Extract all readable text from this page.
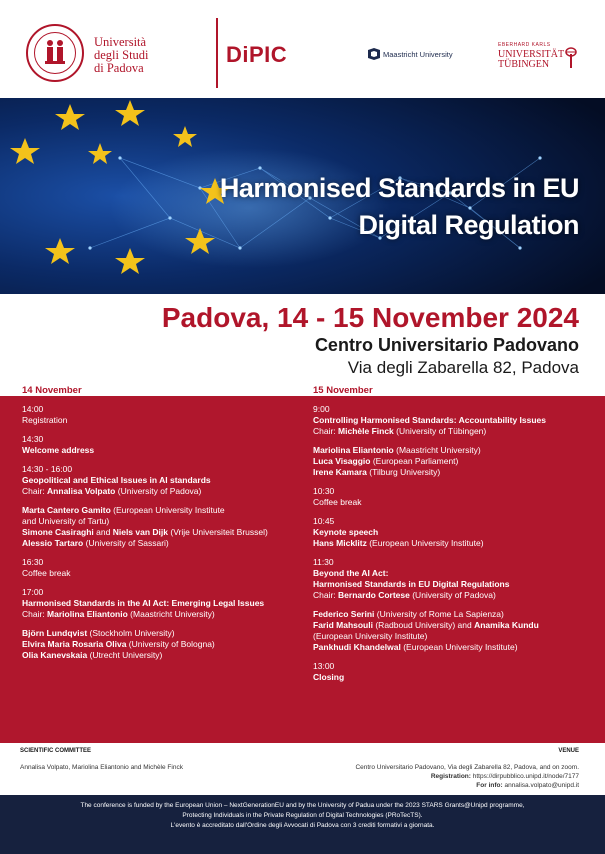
Università
degli Studi
di Padova
DiPIC	Maastricht University
EBERHARD KARLS
UNIVERSITÄT
TÜBINGEN
Harmonised Standards in EU
Digital Regulation
Padova, 14 - 15 November 2024
Centro Universitario Padovano
Via degli Zabarella 82, Padova
14 November	15 November
14:00
Registration
14:30
Welcome address
14:30 - 16:00
Geopolitical and Ethical Issues in AI standards
Chair: Annalisa Volpato (University of Padova)
Marta Cantero Gamito (European University Institute
and University of Tartu)
Simone Casiraghi and Niels van Dijk (Vrije Universiteit Brussel)
Alessio Tartaro (University of Sassari)
16:30
Coffee break
17:00
Harmonised Standards in the AI Act: Emerging Legal Issues
Chair: Mariolina Eliantonio (Maastricht University)
Björn Lundqvist (Stockholm University)
Elvira Maria Rosaria Oliva (University of Bologna)
Olia Kanevskaia (Utrecht University)
9:00
Controlling Harmonised Standards: Accountability Issues
Chair: Michèle Finck (University of Tübingen)
Mariolina Eliantonio (Maastricht University)
Luca Visaggio (European Parliament)
Irene Kamara (Tilburg University)
10:30
Coffee break
10:45
Keynote speech
Hans Micklitz (European University Institute)
11:30
Beyond the AI Act:
Harmonised Standards in EU Digital Regulations
Chair: Bernardo Cortese (University of Padova)
Federico Serini (University of Rome La Sapienza)
Farid Mahsouli (Radboud University) and Anamika Kundu
(European University Institute)
Pankhudi Khandelwal (European University Institute)
13:00
Closing
SCIENTIFIC COMMITTEE
Annalisa Volpato, Mariolina Eliantonio and Michèle Finck
VENUE
Centro Universitario Padovano, Via degli Zabarella 82, Padova, and on zoom.
Registration: https://dirpubblico.unipd.it/node/7177
For info: annalisa.volpato@unipd.it
The conference is funded by the European Union – NextGenerationEU and by the University of Padua under the 2023 STARS Grants@Unipd programme,
Protecting Individuals in the Private Regulation of Digital Technologies (PRoTecTS).
L'evento è accreditato dall'Ordine degli Avvocati di Padova con 3 crediti formativi a giornata.
